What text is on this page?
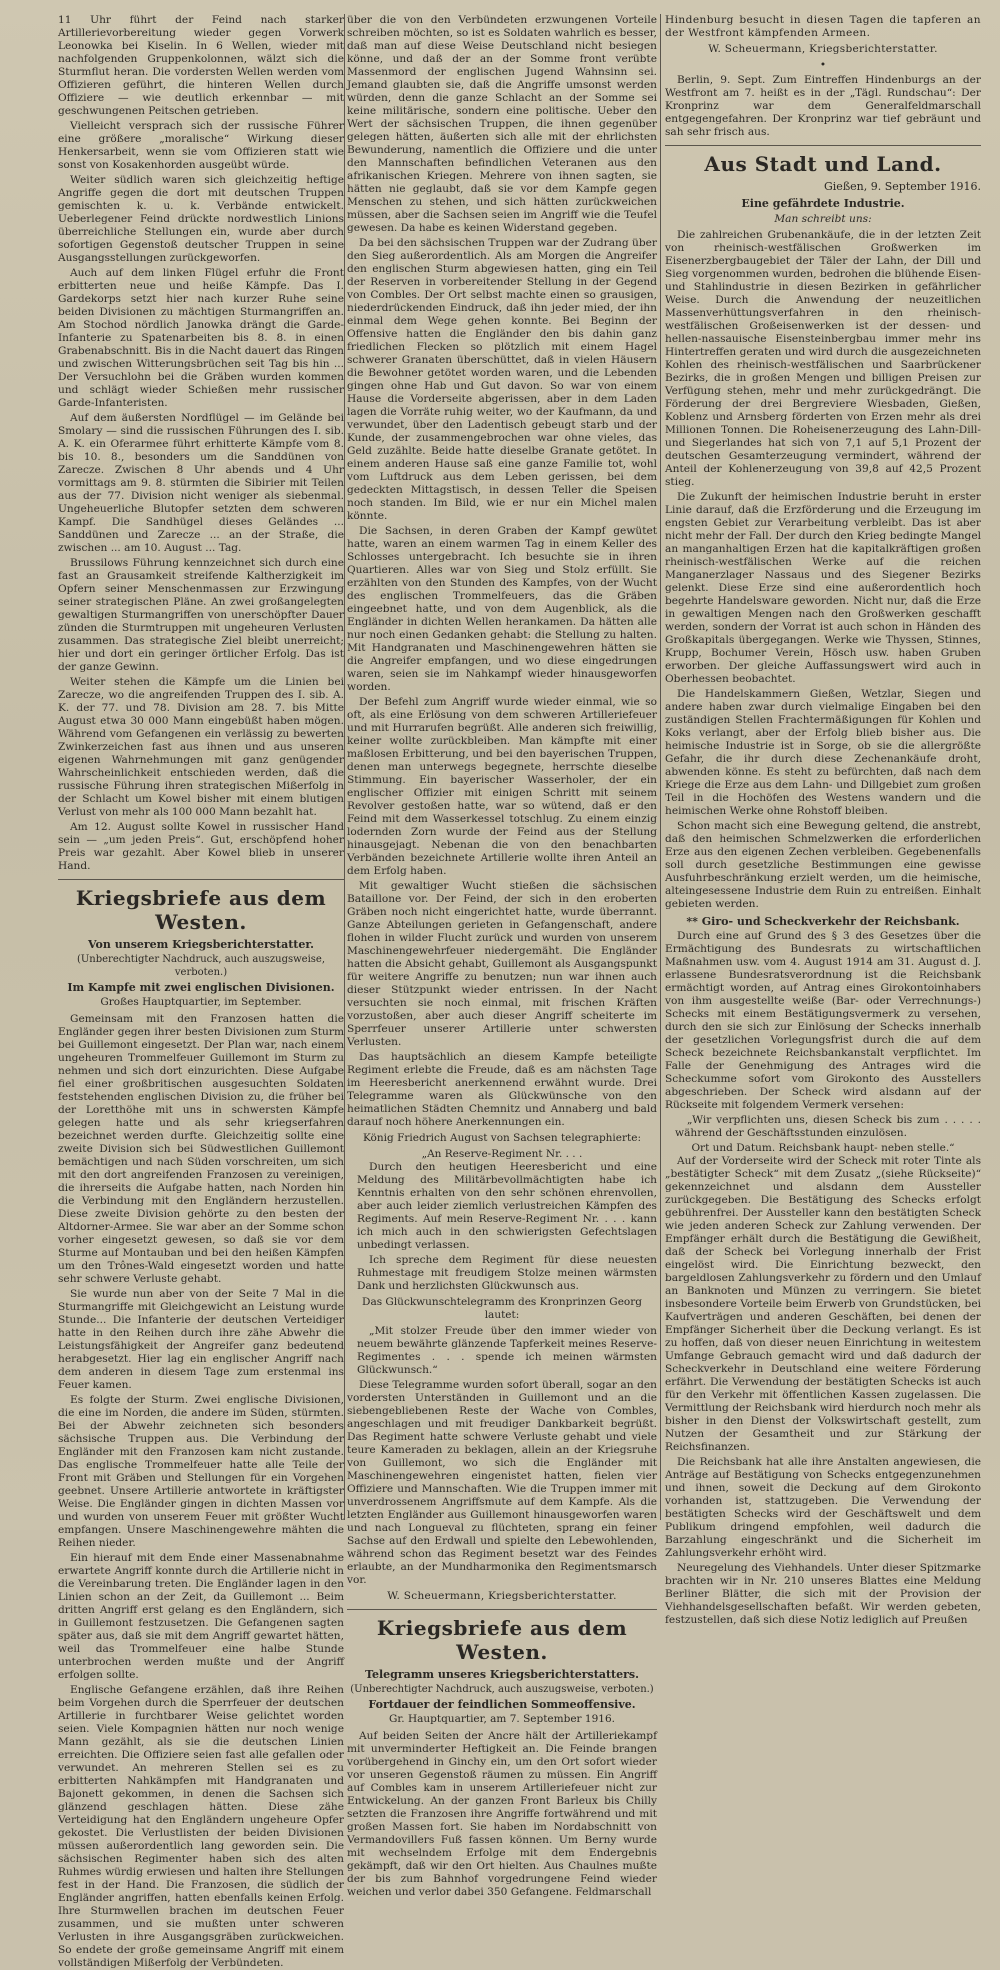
11 Uhr führt der Feind nach starker Artillerievorbereitung wieder gegen Vorwerk Leonowka bei Kiselin. In 6 Wellen, wieder mit nachfolgenden Gruppenkolonnen, wälzt sich die Sturmflut heran. Die vordersten Wellen werden vom Offizieren geführt, die hinteren Wellen durch Offiziere — wie deutlich erkennbar — mit geschwungenen Peitschen getrieben.

Vielleicht versprach sich der russische Führer eine größere „moralische“ Wirkung dieser Henkersarbeit, wenn sie vom Offizieren statt wie sonst von Kosakenhorden ausgeübt würde.

Weiter südlich waren sich gleichzeitig heftige Angriffe gegen die dort mit deutschen Truppen gemischten k. u. k. Verbände entwickelt. Ueberlegener Feind drückte nordwestlich Linions überreichliche Stellungen ein, wurde aber durch sofortigen Gegenstoß deutscher Truppen in seine Ausgangsstellungen zurückgeworfen.

Auch auf dem linken Flügel erfuhr die Front erbitterten neue und heiße Kämpfe. Das I. Gardekorps setzt hier nach kurzer Ruhe seine beiden Divisionen zu mächtigen Sturmangriffen an. Am Stochod nördlich Janowka drängt die Garde-Infanterie zu Spatenarbeiten bis 8. 8. in einen Grabenabschnitt. Bis in die Nacht dauert das Ringen und zwischen Witterungsbrüchen seit Tag bis hin ... Der Versuchlohn bei die Gräben wurden kommen und schlägt wieder Schießen mehr russischer Garde-Infanteristen.

Auf dem äußersten Nordflügel — im Gelände bei Smolary — sind die russischen Führungen des I. sib. A. K. ein Oferarmee führt erhitterte Kämpfe vom 8. bis 10. 8., besonders um die Sanddünen von Zarecze. Zwischen 8 Uhr abends und 4 Uhr vormittags am 9. 8. stürmten die Sibirier mit Teilen aus der 77. Division nicht weniger als siebenmal. Ungeheuerliche Blutopfer setzten dem schweren Kampf. Die Sandhügel dieses Geländes ... Sanddünen und Zarecze ... an der Straße, die zwischen ... am 10. August ... Tag.

Brussilows Führung kennzeichnet sich durch eine fast an Grausamkeit streifende Kaltherzigkeit im Opfern seiner Menschenmassen zur Erzwingung seiner strategischen Pläne. An zwei großangelegten gewaltigen Sturmangriffen von unerschöpfter Dauer zünden die Sturmtruppen mit ungeheuren Verlusten zusammen. Das strategische Ziel bleibt unerreicht; hier und dort ein geringer örtlicher Erfolg. Das ist der ganze Gewinn.

Weiter stehen die Kämpfe um die Linien bei Zarecze, wo die angreifenden Truppen des I. sib. A. K. der 77. und 78. Division am 28. 7. bis Mitte August etwa 30 000 Mann eingebüßt haben mögen. Während vom Gefangenen ein verlässig zu bewerten Zwinkerzeichen fast aus ihnen und aus unseren eigenen Wahrnehmungen mit ganz genügender Wahrscheinlichkeit entschieden werden, daß die russische Führung ihren strategischen Mißerfolg in der Schlacht um Kowel bisher mit einem blutigen Verlust von mehr als 100 000 Mann bezahlt hat.

Am 12. August sollte Kowel in russischer Hand sein — „um jeden Preis“. Gut, erschöpfend hoher Preis war gezahlt. Aber Kowel blieb in unserer Hand.

Kriegsbriefe aus dem Westen.
Von unserem Kriegsberichterstatter.
(Unberechtigter Nachdruck, auch auszugsweise, verboten.)
Im Kampfe mit zwei englischen Divisionen.
Großes Hauptquartier, im September.

Gemeinsam mit den Franzosen hatten die Engländer gegen ihrer besten Divisionen zum Sturm bei Guillemont eingesetzt. Der Plan war, nach einem ungeheuren Trommelfeuer Guillemont im Sturm zu nehmen und sich dort einzurichten. Diese Aufgabe fiel einer großbritischen ausgesuchten Soldaten feststehenden englischen Division zu, die früher bei der Loretthöhe mit uns in schwersten Kämpfe gelegen hatte und als sehr kriegserfahren bezeichnet werden durfte. Gleichzeitig sollte eine zweite Division sich bei Südwestlichen Guillemont bemächtigen und nach Süden vorschreiten, um sich mit den dort angreifenden Franzosen zu vereinigen, die ihrerseits die Aufgabe hatten, nach Norden hin die Verbindung mit den Engländern herzustellen. Diese zweite Division gehörte zu den besten der Altdorner-Armee. Sie war aber an der Somme schon vorher eingesetzt gewesen, so daß sie vor dem Sturme auf Montauban und bei den heißen Kämpfen um den Trônes-Wald eingesetzt worden und hatte sehr schwere Verluste gehabt.

Sie wurde nun aber von der Seite 7 Mal in die Sturmangriffe mit Gleichgewicht an Leistung wurde Stunde... Die Infanterie der deutschen Verteidiger hatte in den Reihen durch ihre zähe Abwehr die Leistungsfähigkeit der Angreifer ganz bedeutend herabgesetzt. Hier lag ein englischer Angriff nach dem anderen in diesem Tage zum erstenmal ins Feuer kamen.

Es folgte der Sturm. Zwei englische Divisionen, die eine im Norden, die andere im Süden, stürmten. Bei der Abwehr zeichneten sich besonders sächsische Truppen aus. Die Verbindung der Engländer mit den Franzosen kam nicht zustande. Das englische Trommelfeuer hatte alle Teile der Front mit Gräben und Stellungen für ein Vorgehen geebnet. Unsere Artillerie antwortete in kräftigster Weise. Die Engländer gingen in dichten Massen vor und wurden von unserem Feuer mit größter Wucht empfangen. Unsere Maschinengewehre mähten die Reihen nieder.

Ein hierauf mit dem Ende einer Massenabnahme erwartete Angriff konnte durch die Artillerie nicht in die Vereinbarung treten. Die Engländer lagen in den Linien schon an der Zeit, da Guillemont ... Beim dritten Angriff erst gelang es den Engländern, sich in Guillemont festzusetzen. Die Gefangenen sagten später aus, daß sie mit dem Angriff gewartet hätten, weil das Trommelfeuer eine halbe Stunde unterbrochen werden mußte und der Angriff erfolgen sollte.

Englische Gefangene erzählen, daß ihre Reihen beim Vorgehen durch die Sperrfeuer der deutschen Artillerie in furchtbarer Weise gelichtet worden seien. Viele Kompagnien hätten nur noch wenige Mann gezählt, als sie die deutschen Linien erreichten. Die Offiziere seien fast alle gefallen oder verwundet. An mehreren Stellen sei es zu erbitterten Nahkämpfen mit Handgranaten und Bajonett gekommen, in denen die Sachsen sich glänzend geschlagen hätten. Diese zähe Verteidigung hat den Engländern ungeheure Opfer gekostet. Die Verlustlisten der beiden Divisionen müssen außerordentlich lang geworden sein. Die sächsischen Regimenter haben sich des alten Ruhmes würdig erwiesen und halten ihre Stellungen fest in der Hand. Die Franzosen, die südlich der Engländer angriffen, hatten ebenfalls keinen Erfolg. Ihre Sturmwellen brachen im deutschen Feuer zusammen, und sie mußten unter schweren Verlusten in ihre Ausgangsgräben zurückweichen. So endete der große gemeinsame Angriff mit einem vollständigen Mißerfolg der Verbündeten.

über die von den Verbündeten erzwungenen Vorteile schreiben möchten, so ist es Soldaten wahrlich es besser, daß man auf diese Weise Deutschland nicht besiegen könne, und daß der an der Somme front verübte Massenmord der englischen Jugend Wahnsinn sei. Jemand glaubten sie, daß die Angriffe umsonst werden würden, denn die ganze Schlacht an der Somme sei keine militärische, sondern eine politische. Ueber den Wert der sächsischen Truppen, die ihnen gegenüber gelegen hätten, äußerten sich alle mit der ehrlichsten Bewunderung, namentlich die Offiziere und die unter den Mannschaften befindlichen Veteranen aus den afrikanischen Kriegen. Mehrere von ihnen sagten, sie hätten nie geglaubt, daß sie vor dem Kampfe gegen Menschen zu stehen, und sich hätten zurückweichen müssen, aber die Sachsen seien im Angriff wie die Teufel gewesen. Da habe es keinen Widerstand gegeben.

Da bei den sächsischen Truppen war der Zudrang über den Sieg außerordentlich. Als am Morgen die Angreifer den englischen Sturm abgewiesen hatten, ging ein Teil der Reserven in vorbereitender Stellung in der Gegend von Combles. Der Ort selbst machte einen so grausigen, niederdrückenden Eindruck, daß ihn jeder mied, der ihn einmal dem Wege gehen konnte. Bei Beginn der Offensive hatten die Engländer den bis dahin ganz friedlichen Flecken so plötzlich mit einem Hagel schwerer Granaten überschüttet, daß in vielen Häusern die Bewohner getötet worden waren, und die Lebenden gingen ohne Hab und Gut davon. So war von einem Hause die Vorderseite abgerissen, aber in dem Laden lagen die Vorräte ruhig weiter, wo der Kaufmann, da und verwundet, über den Ladentisch gebeugt starb und der Kunde, der zusammengebrochen war ohne vieles, das Geld zuzählte. Beide hatte dieselbe Granate getötet. In einem anderen Hause saß eine ganze Familie tot, wohl vom Luftdruck aus dem Leben gerissen, bei dem gedeckten Mittagstisch, in dessen Teller die Speisen noch standen. Im Bild, wie er nur ein Michel malen könnte.

Die Sachsen, in deren Graben der Kampf gewütet hatte, waren an einem warmen Tag in einem Keller des Schlosses untergebracht. Ich besuchte sie in ihren Quartieren. Alles war von Sieg und Stolz erfüllt. Sie erzählten von den Stunden des Kampfes, von der Wucht des englischen Trommelfeuers, das die Gräben eingeebnet hatte, und von dem Augenblick, als die Engländer in dichten Wellen herankamen. Da hätten alle nur noch einen Gedanken gehabt: die Stellung zu halten. Mit Handgranaten und Maschinengewehren hätten sie die Angreifer empfangen, und wo diese eingedrungen waren, seien sie im Nahkampf wieder hinausgeworfen worden.

Der Befehl zum Angriff wurde wieder einmal, wie so oft, als eine Erlösung von dem schweren Artilleriefeuer und mit Hurrarufen begrüßt. Alle anderen sich freiwillig, keiner wollte zurückbleiben. Man kämpfte mit einer maßlosen Erbitterung, und bei den bayerischen Truppen, denen man unterwegs begegnete, herrschte dieselbe Stimmung. Ein bayerischer Wasserholer, der ein englischer Offizier mit einigen Schritt mit seinem Revolver gestoßen hatte, war so wütend, daß er den Feind mit dem Wasserkessel totschlug. Zu einem einzig lodernden Zorn wurde der Feind aus der Stellung hinausgejagt. Nebenan die von den benachbarten Verbänden bezeichnete Artillerie wollte ihren Anteil an dem Erfolg haben.

Mit gewaltiger Wucht stießen die sächsischen Bataillone vor. Der Feind, der sich in den eroberten Gräben noch nicht eingerichtet hatte, wurde überrannt. Ganze Abteilungen gerieten in Gefangenschaft, andere flohen in wilder Flucht zurück und wurden von unserem Maschinengewehrfeuer niedergemäht. Die Engländer hatten die Absicht gehabt, Guillemont als Ausgangspunkt für weitere Angriffe zu benutzen; nun war ihnen auch dieser Stützpunkt wieder entrissen. In der Nacht versuchten sie noch einmal, mit frischen Kräften vorzustoßen, aber auch dieser Angriff scheiterte im Sperrfeuer unserer Artillerie unter schwersten Verlusten.

Das hauptsächlich an diesem Kampfe beteiligte Regiment erlebte die Freude, daß es am nächsten Tage im Heeresbericht anerkennend erwähnt wurde. Drei Telegramme waren als Glückwünsche von den heimatlichen Städten Chemnitz und Annaberg und bald darauf noch höhere Anerkennungen ein.

König Friedrich August von Sachsen telegraphierte:
„An Reserve-Regiment Nr. . . .

Durch den heutigen Heeresbericht und eine Meldung des Militärbevollmächtigten habe ich Kenntnis erhalten von den sehr schönen ehrenvollen, aber auch leider ziemlich verlustreichen Kämpfen des Regiments. Auf mein Reserve-Regiment Nr. . . . kann ich mich auch in den schwierigsten Gefechtslagen unbedingt verlassen.

Ich spreche dem Regiment für diese neuesten Ruhmestage mit freudigem Stolze meinen wärmsten Dank und herzlichsten Glückwunsch aus.

Das Glückwunschtelegramm des Kronprinzen Georg lautet:

„Mit stolzer Freude über den immer wieder von neuem bewährte glänzende Tapferkeit meines Reserve-Regimentes . . . spende ich meinen wärmsten Glückwunsch.“

Diese Telegramme wurden sofort überall, sogar an den vordersten Unterständen in Guillemont und an die siebengebliebenen Reste der Wache von Combles, angeschlagen und mit freudiger Dankbarkeit begrüßt. Das Regiment hatte schwere Verluste gehabt und viele teure Kameraden zu beklagen, allein an der Kriegsruhe von Guillemont, wo sich die Engländer mit Maschinengewehren eingenistet hatten, fielen vier Offiziere und Mannschaften. Wie die Truppen immer mit unverdrossenem Angriffsmute auf dem Kampfe. Als die letzten Engländer aus Guillemont hinausgeworfen waren und nach Longueval zu flüchteten, sprang ein feiner Sachse auf den Erdwall und spielte den Lebewohlenden, während schon das Regiment besetzt war des Feindes erlaubte, an der Mundharmonika den Regimentsmarsch vor.

W. Scheuermann, Kriegsberichterstatter.
Kriegsbriefe aus dem Westen.
Telegramm unseres Kriegsberichterstatters.
(Unberechtigter Nachdruck, auch auszugsweise, verboten.)
Fortdauer der feindlichen Sommeoffensive.
Gr. Hauptquartier, am 7. September 1916.

Auf beiden Seiten der Ancre hält der Artilleriekampf mit unverminderter Heftigkeit an. Die Feinde brangen vorübergehend in Ginchy ein, um den Ort sofort wieder vor unseren Gegenstoß räumen zu müssen. Ein Angriff auf Combles kam in unserem Artilleriefeuer nicht zur Entwickelung. An der ganzen Front Barleux bis Chilly setzten die Franzosen ihre Angriffe fortwährend und mit großen Massen fort. Sie haben im Nordabschnitt von Vermandovillers Fuß fassen können. Um Berny wurde mit wechselndem Erfolge mit dem Endergebnis gekämpft, daß wir den Ort hielten. Aus Chaulnes mußte der bis zum Bahnhof vorgedrungene Feind wieder weichen und verlor dabei 350 Gefangene. Feldmarschall

Hindenburg besucht in diesen Tagen die tapferen an der Westfront kämpfenden Armeen.

W. Scheuermann, Kriegsberichterstatter.
•

Berlin, 9. Sept. Zum Eintreffen Hindenburgs an der Westfront am 7. heißt es in der „Tägl. Rundschau“: Der Kronprinz war dem Generalfeldmarschall entgegengefahren. Der Kronprinz war tief gebräunt und sah sehr frisch aus.

Aus Stadt und Land.
Gießen, 9. September 1916.
Eine gefährdete Industrie.
Man schreibt uns:

Die zahlreichen Grubenankäufe, die in der letzten Zeit von rheinisch-westfälischen Großwerken im Eisenerzbergbaugebiet der Täler der Lahn, der Dill und Sieg vorgenommen wurden, bedrohen die blühende Eisen- und Stahlindustrie in diesen Bezirken in gefährlicher Weise. Durch die Anwendung der neuzeitlichen Massenverhüttungsverfahren in den rheinisch-westfälischen Großeisenwerken ist der dessen- und hellen-nassauische Eisensteinbergbau immer mehr ins Hintertreffen geraten und wird durch die ausgezeichneten Kohlen des rheinisch-westfälischen und Saarbrückener Bezirks, die in großen Mengen und billigen Preisen zur Verfügung stehen, mehr und mehr zurückgedrängt. Die Förderung der drei Bergreviere Wiesbaden, Gießen, Koblenz und Arnsberg förderten von Erzen mehr als drei Millionen Tonnen. Die Roheisenerzeugung des Lahn-Dill- und Siegerlandes hat sich von 7,1 auf 5,1 Prozent der deutschen Gesamterzeugung vermindert, während der Anteil der Kohlenerzeugung von 39,8 auf 42,5 Prozent stieg.

Die Zukunft der heimischen Industrie beruht in erster Linie darauf, daß die Erzförderung und die Erzeugung im engsten Gebiet zur Verarbeitung verbleibt. Das ist aber nicht mehr der Fall. Der durch den Krieg bedingte Mangel an manganhaltigen Erzen hat die kapitalkräftigen großen rheinisch-westfälischen Werke auf die reichen Manganerzlager Nassaus und des Siegener Bezirks gelenkt. Diese Erze sind eine außerordentlich hoch begehrte Handelsware geworden. Nicht nur, daß die Erze in gewaltigen Mengen nach den Großwerken geschafft werden, sondern der Vorrat ist auch schon in Händen des Großkapitals übergegangen. Werke wie Thyssen, Stinnes, Krupp, Bochumer Verein, Hösch usw. haben Gruben erworben. Der gleiche Auffassungswert wird auch in Oberhessen beobachtet.

Die Handelskammern Gießen, Wetzlar, Siegen und andere haben zwar durch vielmalige Eingaben bei den zuständigen Stellen Frachtermäßigungen für Kohlen und Koks verlangt, aber der Erfolg blieb bisher aus. Die heimische Industrie ist in Sorge, ob sie die allergrößte Gefahr, die ihr durch diese Zechenankäufe droht, abwenden könne. Es steht zu befürchten, daß nach dem Kriege die Erze aus dem Lahn- und Dillgebiet zum großen Teil in die Hochöfen des Westens wandern und die heimischen Werke ohne Rohstoff bleiben.

Schon macht sich eine Bewegung geltend, die anstrebt, daß den heimischen Schmelzwerken die erforderlichen Erze aus den eigenen Zechen verbleiben. Gegebenenfalls soll durch gesetzliche Bestimmungen eine gewisse Ausfuhrbeschränkung erzielt werden, um die heimische, alteingesessene Industrie dem Ruin zu entreißen. Einhalt gebieten werden.

** Giro- und Scheckverkehr der Reichsbank.

Durch eine auf Grund des § 3 des Gesetzes über die Ermächtigung des Bundesrats zu wirtschaftlichen Maßnahmen usw. vom 4. August 1914 am 31. August d. J. erlassene Bundesratsverordnung ist die Reichsbank ermächtigt worden, auf Antrag eines Girokontoinhabers von ihm ausgestellte weiße (Bar- oder Verrechnungs-) Schecks mit einem Bestätigungsvermerk zu versehen, durch den sie sich zur Einlösung der Schecks innerhalb der gesetzlichen Vorlegungsfrist durch die auf dem Scheck bezeichnete Reichsbankanstalt verpflichtet. Im Falle der Genehmigung des Antrages wird die Scheckumme sofort vom Girokonto des Ausstellers abgeschrieben. Der Scheck wird alsdann auf der Rückseite mit folgendem Vermerk versehen:

„Wir verpflichten uns, diesen Scheck bis zum . . . . . während der Geschäftsstunden einzulösen.

Ort und Datum. Reichsbank haupt- neben stelle.“

Auf der Vorderseite wird der Scheck mit roter Tinte als „bestätigter Scheck“ mit dem Zusatz „(siehe Rückseite)“ gekennzeichnet und alsdann dem Aussteller zurückgegeben. Die Bestätigung des Schecks erfolgt gebührenfrei. Der Aussteller kann den bestätigten Scheck wie jeden anderen Scheck zur Zahlung verwenden. Der Empfänger erhält durch die Bestätigung die Gewißheit, daß der Scheck bei Vorlegung innerhalb der Frist eingelöst wird. Die Einrichtung bezweckt, den bargeldlosen Zahlungsverkehr zu fördern und den Umlauf an Banknoten und Münzen zu verringern. Sie bietet insbesondere Vorteile beim Erwerb von Grundstücken, bei Kaufverträgen und anderen Geschäften, bei denen der Empfänger Sicherheit über die Deckung verlangt. Es ist zu hoffen, daß von dieser neuen Einrichtung in weitestem Umfange Gebrauch gemacht wird und daß dadurch der Scheckverkehr in Deutschland eine weitere Förderung erfährt. Die Verwendung der bestätigten Schecks ist auch für den Verkehr mit öffentlichen Kassen zugelassen. Die Vermittlung der Reichsbank wird hierdurch noch mehr als bisher in den Dienst der Volkswirtschaft gestellt, zum Nutzen der Gesamtheit und zur Stärkung der Reichsfinanzen.

Die Reichsbank hat alle ihre Anstalten angewiesen, die Anträge auf Bestätigung von Schecks entgegenzunehmen und ihnen, soweit die Deckung auf dem Girokonto vorhanden ist, stattzugeben. Die Verwendung der bestätigten Schecks wird der Geschäftswelt und dem Publikum dringend empfohlen, weil dadurch die Barzahlung eingeschränkt und die Sicherheit im Zahlungsverkehr erhöht wird.

Neuregelung des Viehhandels. Unter dieser Spitzmarke brachten wir in Nr. 210 unseres Blattes eine Meldung Berliner Blätter, die sich mit der Provision der Viehhandelsgesellschaften befaßt. Wir werden gebeten, festzustellen, daß sich diese Notiz lediglich auf Preußen
